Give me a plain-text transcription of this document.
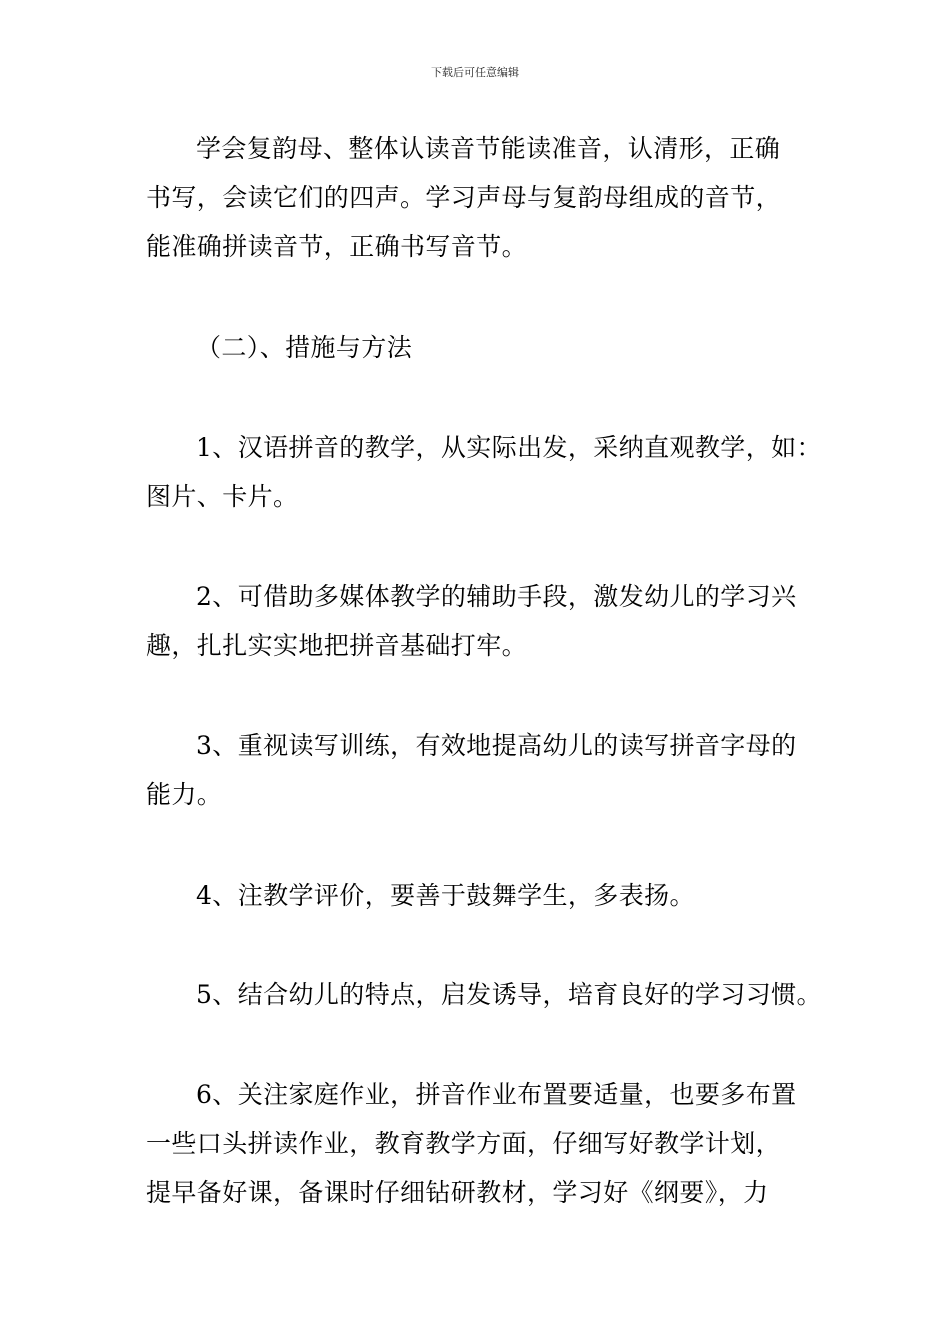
下载后可任意编辑
学会复韵母、整体认读音节能读准音，认清形，正确
书写，会读它们的四声。学习声母与复韵母组成的音节，
能准确拼读音节，正确书写音节。
（二）、措施与方法
1、汉语拼音的教学，从实际出发，采纳直观教学，如：
图片、卡片。
2、可借助多媒体教学的辅助手段，激发幼儿的学习兴
趣，扎扎实实地把拼音基础打牢。
3、重视读写训练，有效地提高幼儿的读写拼音字母的
能力。
4、注教学评价，要善于鼓舞学生，多表扬。
5、结合幼儿的特点，启发诱导，培育良好的学习习惯。
6、关注家庭作业，拼音作业布置要适量，也要多布置
一些口头拼读作业，教育教学方面，仔细写好教学计划，
提早备好课，备课时仔细钻研教材，学习好《纲要》，力
